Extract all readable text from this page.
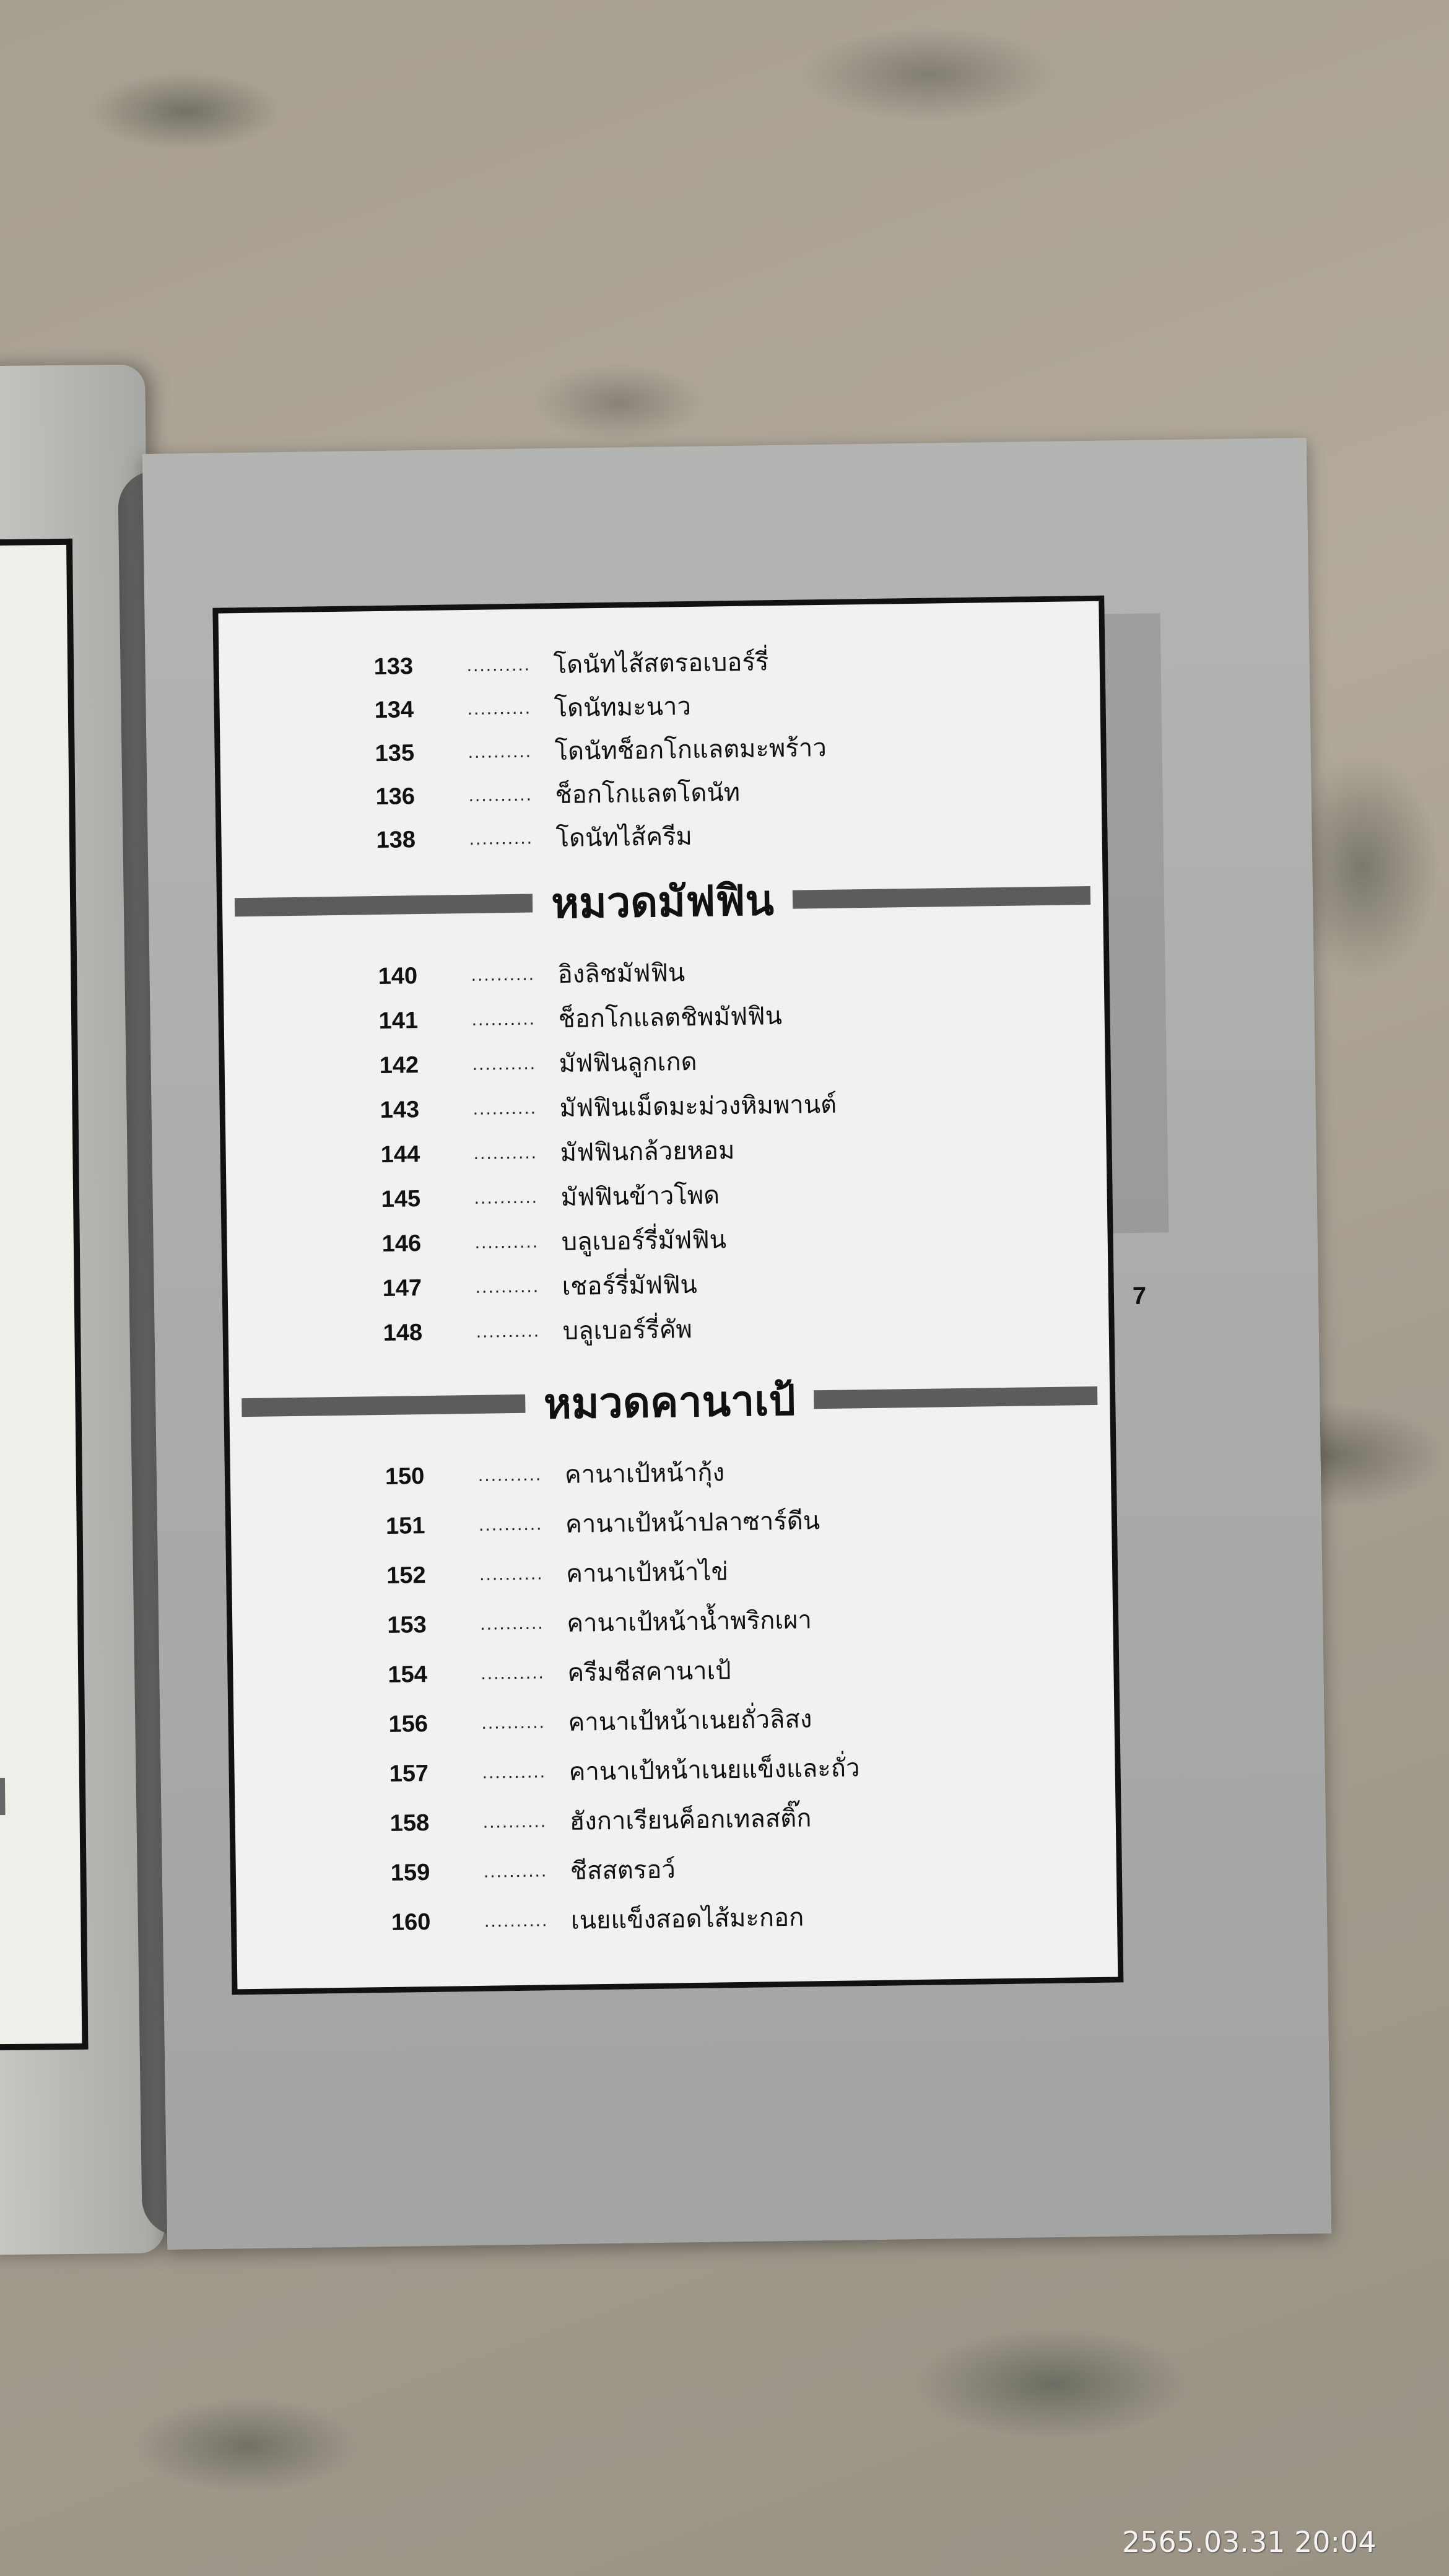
133	.......... โดนัทไส้สตรอเบอร์รี่
134	.......... โดนัทมะนาว
135	.......... โดนัทช็อกโกแลตมะพร้าว
136	.......... ช็อกโกแลตโดนัท
138	.......... โดนัทไส้ครีม
หมวดมัฟฟิน
140	.......... อิงลิชมัฟฟิน
141	.......... ช็อกโกแลตชิพมัฟฟิน
142	.......... มัฟฟินลูกเกด
143	.......... มัฟฟินเม็ดมะม่วงหิมพานต์
144	.......... มัฟฟินกล้วยหอม
145	.......... มัฟฟินข้าวโพด
146	.......... บลูเบอร์รี่มัฟฟิน
147	.......... เชอร์รี่มัฟฟิน
148	.......... บลูเบอร์รี่คัพ
หมวดคานาเป้
150	.......... คานาเป้หน้ากุ้ง
151	.......... คานาเป้หน้าปลาซาร์ดีน
152	.......... คานาเป้หน้าไข่
153	.......... คานาเป้หน้าน้ำพริกเผา
154	.......... ครีมชีสคานาเป้
156	.......... คานาเป้หน้าเนยถั่วลิสง
157	.......... คานาเป้หน้าเนยแข็งและถั่ว
158	.......... ฮังกาเรียนค็อกเทลสติ๊ก
159	.......... ชีสสตรอว์
160	.......... เนยแข็งสอดไส้มะกอก
7
2565.03.31 20:04
